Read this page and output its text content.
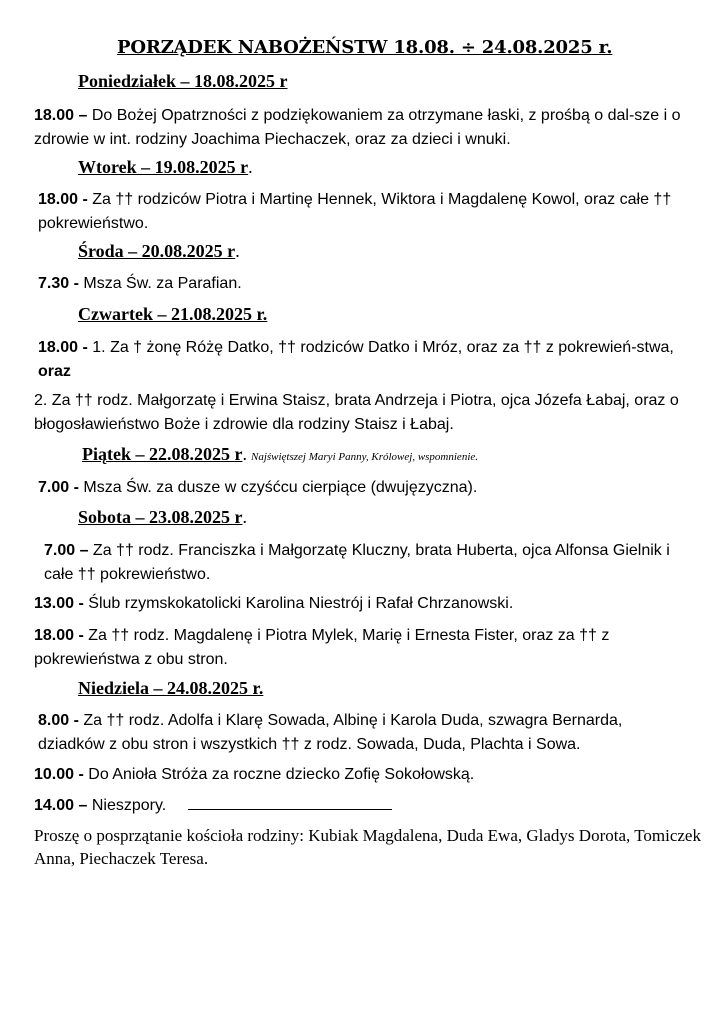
PORZĄDEK NABOŻEŃSTW 18.08. ÷ 24.08.2025 r.
Poniedziałek – 18.08.2025 r
18.00 – Do Bożej Opatrzności z podziękowaniem za otrzymane łaski, z prośbą o dal-sze i o zdrowie w int. rodziny Joachima Piechaczek, oraz za dzieci i wnuki.
Wtorek – 19.08.2025 r.
18.00 - Za †† rodziców Piotra i Martinę Hennek, Wiktora i Magdalenę Kowol, oraz całe †† pokrewieństwo.
Środa – 20.08.2025 r.
7.30 - Msza Św. za Parafian.
Czwartek – 21.08.2025 r.
18.00 - 1. Za † żonę Różę Datko, †† rodziców Datko i Mróz, oraz za †† z pokrewień-stwa, oraz
2. Za †† rodz. Małgorzatę i Erwina Staisz, brata Andrzeja i Piotra, ojca Józefa Łabaj, oraz o błogosławieństwo Boże i zdrowie dla rodziny Staisz i Łabaj.
Piątek – 22.08.2025 r. Najświętszej Maryi Panny, Królowej, wspomnienie.
7.00 - Msza Św. za dusze w czyśćcu cierpiące (dwujęzyczna).
Sobota – 23.08.2025 r.
7.00 – Za †† rodz. Franciszka i Małgorzatę Kluczny, brata Huberta, ojca Alfonsa Gielnik i całe †† pokrewieństwo.
13.00 - Ślub rzymskokatolicki Karolina Niestrój i Rafał Chrzanowski.
18.00 - Za †† rodz. Magdalenę i Piotra Mylek, Marię i Ernesta Fister, oraz za †† z pokrewieństwa z obu stron.
Niedziela – 24.08.2025 r.
8.00 - Za †† rodz. Adolfa i Klarę Sowada, Albinę i Karola Duda, szwagra Bernarda, dziadków z obu stron i wszystkich †† z rodz. Sowada, Duda, Plachta i Sowa.
10.00 - Do Anioła Stróża za roczne dziecko Zofię Sokołowską.
14.00 – Nieszpory.
Proszę o posprzątanie kościoła rodziny: Kubiak Magdalena, Duda Ewa, Gladys Dorota, Tomiczek Anna, Piechaczek Teresa.
